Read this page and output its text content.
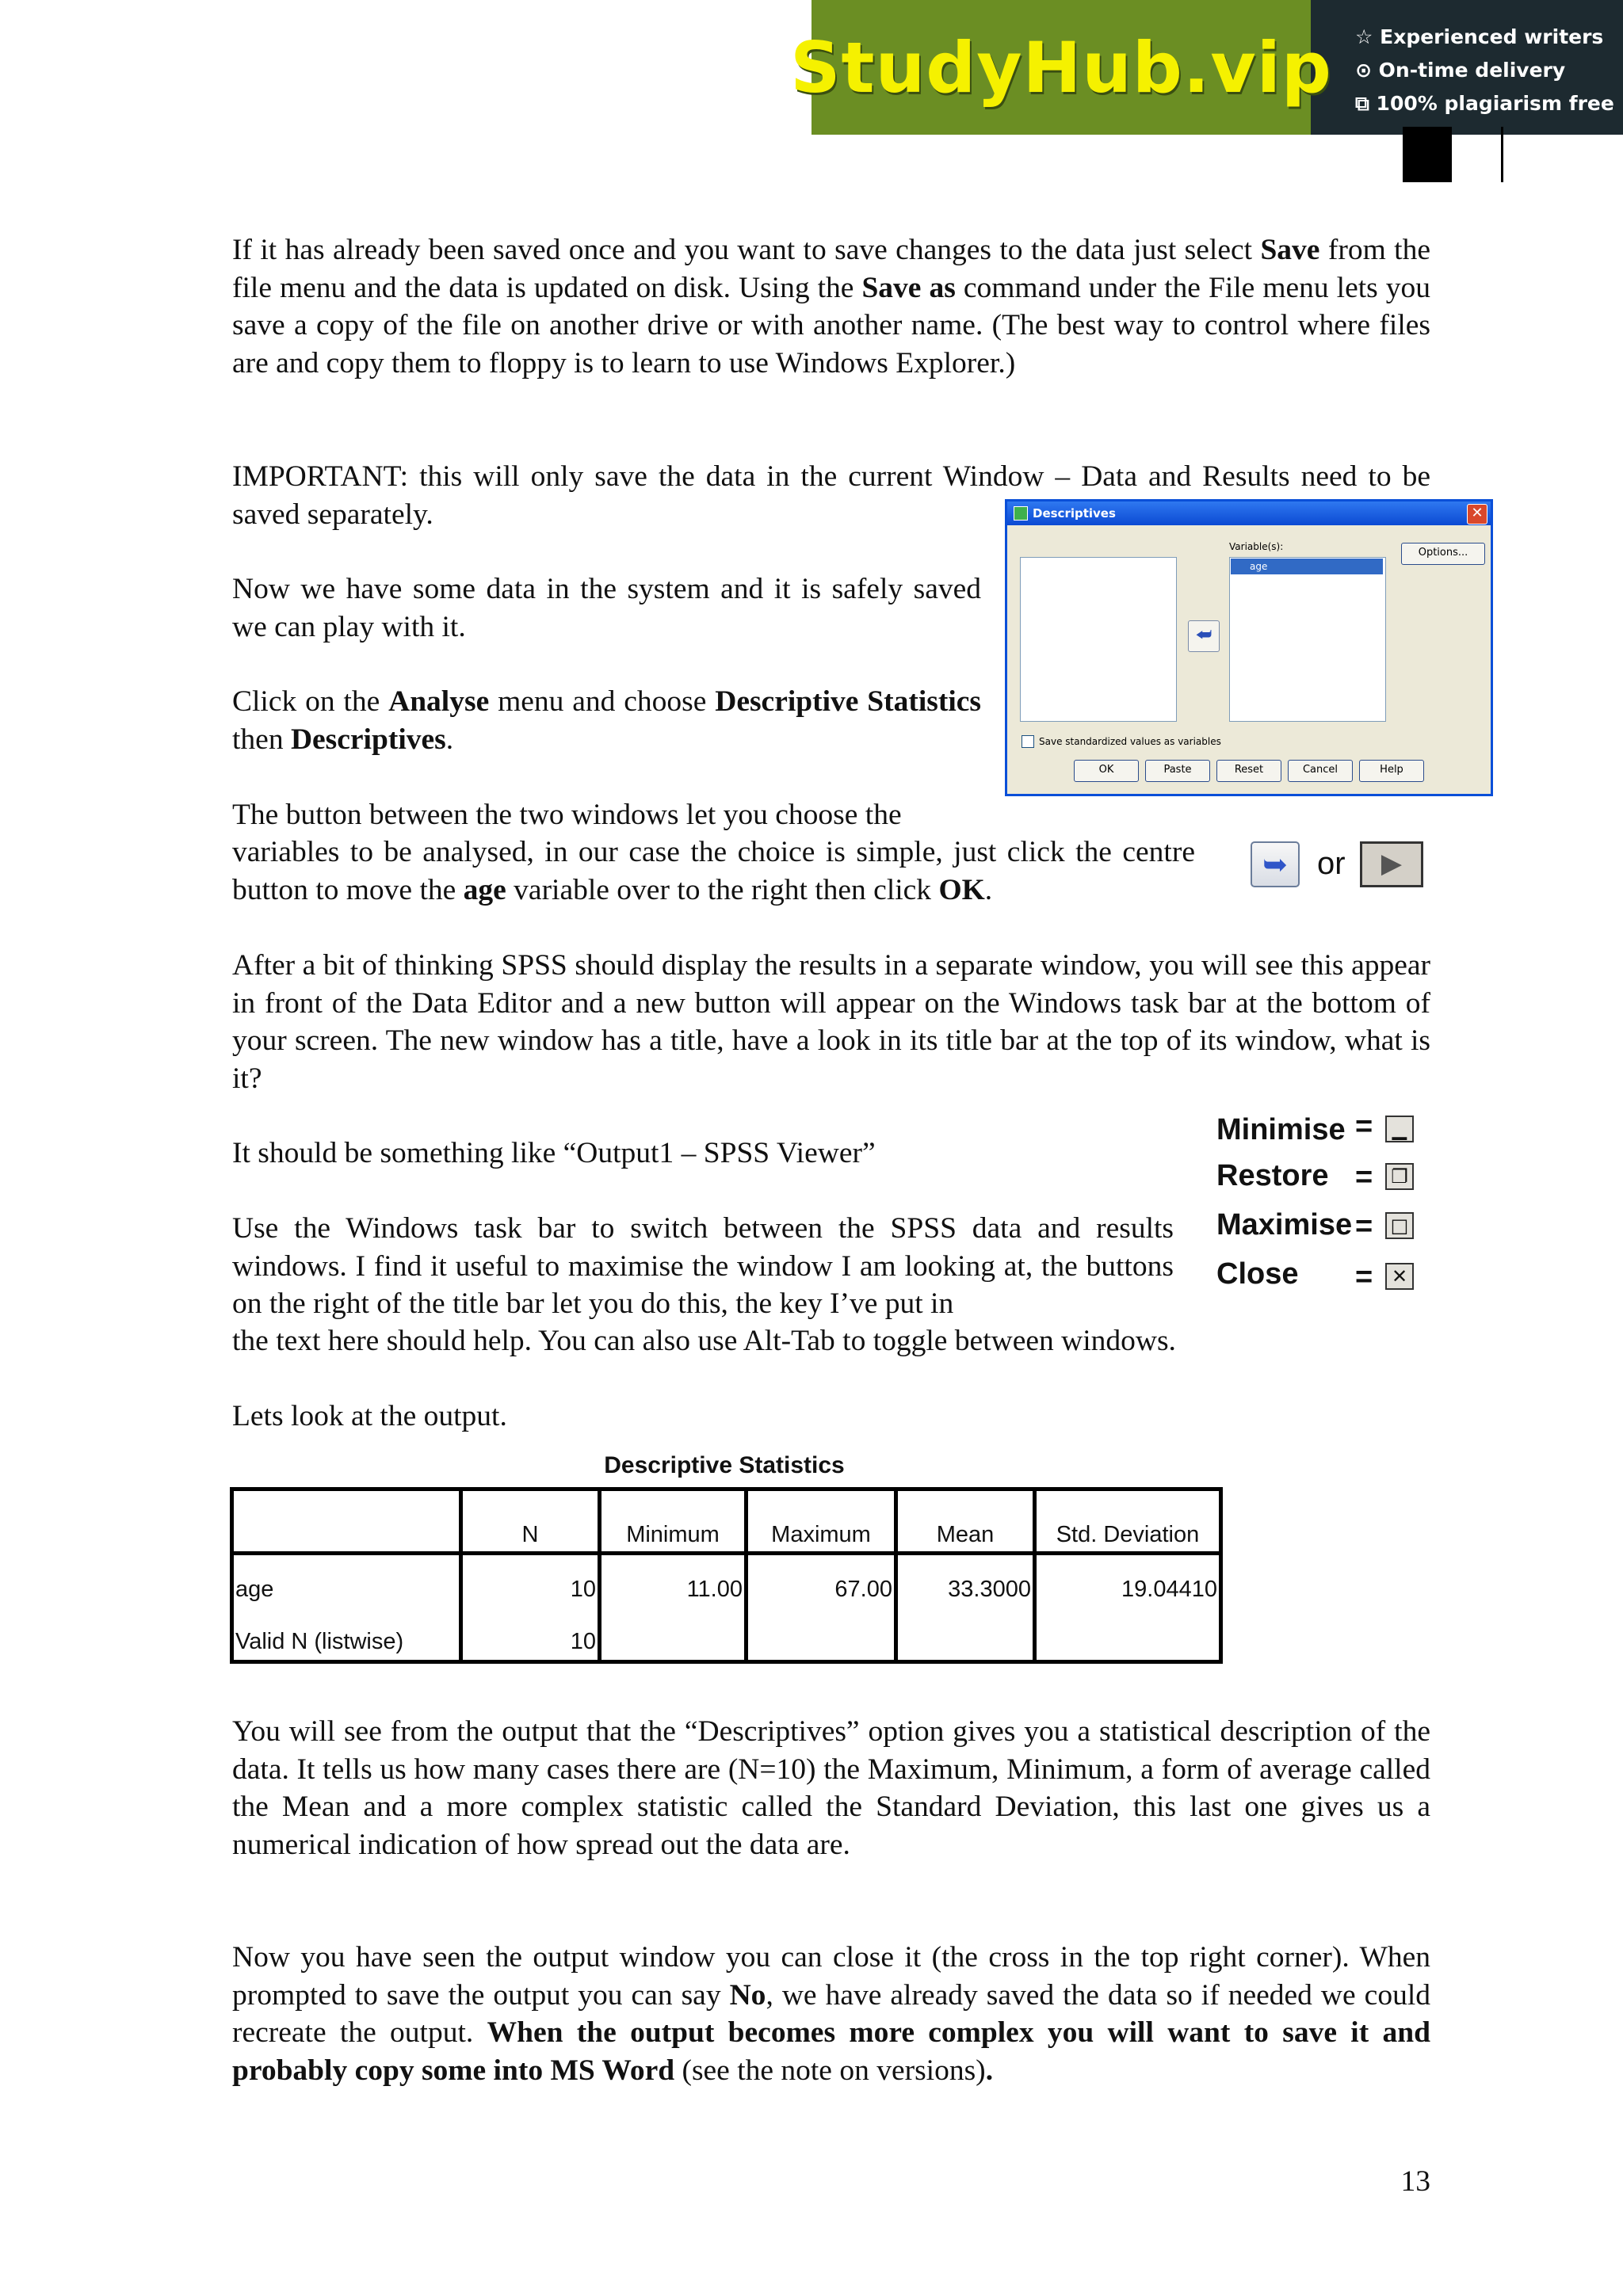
StudyHub.vip ☆ Experienced writers
⊙ On-time delivery
⧉ 100% plagiarism free

If it has already been saved once and you want to save changes to the data just select Save from the file menu and the data is updated on disk. Using the Save as command under the File menu lets you save a copy of the file on another drive or with another name. (The best way to control where files are and copy them to floppy is to learn to use Windows Explorer.)

IMPORTANT: this will only save the data in the current Window – Data and Results need to be saved separately.

Now we have some data in the system and it is safely saved we can play with it.

Click on the Analyse menu and choose Descriptive Statistics then Descriptives.

The button between the two windows let you choose the

variables to be analysed, in our case the choice is simple, just click the centre button to move the age variable over to the right then click OK.

After a bit of thinking SPSS should display the results in a separate window, you will see this appear in front of the Data Editor and a new button will appear on the Windows task bar at the bottom of your screen. The new window has a title, have a look in its title bar at the top of its window, what is it?

It should be something like “Output1 – SPSS Viewer”

Use the Windows task bar to switch between the SPSS data and results windows. I find it useful to maximise the window I am looking at, the buttons on the right of the title bar let you do this, the key I’ve put in

the text here should help. You can also use Alt-Tab to toggle between windows.

Lets look at the output.

You will see from the output that the “Descriptives” option gives you a statistical description of the data. It tells us how many cases there are (N=10) the Maximum, Minimum, a form of average called the Mean and a more complex statistic called the Standard Deviation, this last one gives us a numerical indication of how spread out the data are.

Now you have seen the output window you can close it (the cross in the top right corner). When prompted to save the output you can say No, we have already saved the data so if needed we could recreate the output. When the output becomes more complex you will want to save it and probably copy some into MS Word (see the note on versions).

Descriptives	✕
⮨
Variable(s):
age
Options...
Save standardized values as variables
OK	Paste	Reset	Cancel	Help
➥ or	▶
Minimise =	▁
Restore = ❐
Maximise = □
Close = ✕
Descriptive Statistics
	N	Minimum	Maximum	Mean	Std. Deviation
age	10	11.00	67.00	33.3000	19.04410
Valid N (listwise)	10				
13
